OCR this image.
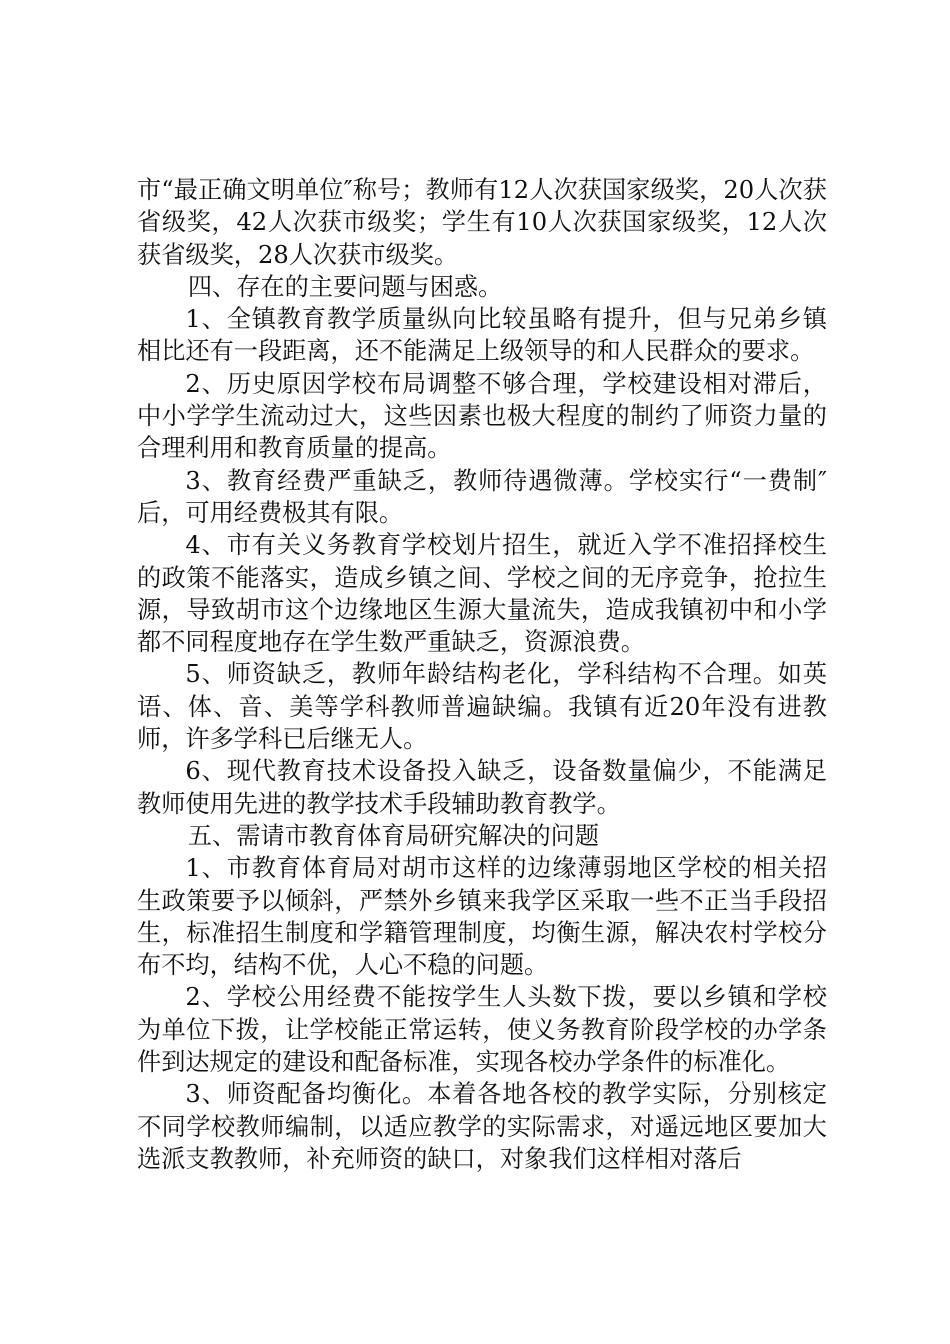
市“最正确文明单位″称号；教师有12人次获国家级奖，20人次获省级奖，42人次获市级奖；学生有10人次获国家级奖，12人次获省级奖，28人次获市级奖。

四、存在的主要问题与困惑。

1、全镇教育教学质量纵向比较虽略有提升，但与兄弟乡镇相比还有一段距离，还不能满足上级领导的和人民群众的要求。

2、历史原因学校布局调整不够合理，学校建设相对滞后，中小学学生流动过大，这些因素也极大程度的制约了师资力量的合理利用和教育质量的提高。

3、教育经费严重缺乏，教师待遇微薄。学校实行“一费制″后，可用经费极其有限。

4、市有关义务教育学校划片招生，就近入学不准招择校生的政策不能落实，造成乡镇之间、学校之间的无序竞争，抢拉生源，导致胡市这个边缘地区生源大量流失，造成我镇初中和小学都不同程度地存在学生数严重缺乏，资源浪费。

5、师资缺乏，教师年龄结构老化，学科结构不合理。如英语、体、音、美等学科教师普遍缺编。我镇有近20年没有进教师，许多学科已后继无人。

6、现代教育技术设备投入缺乏，设备数量偏少，不能满足教师使用先进的教学技术手段辅助教育教学。

五、需请市教育体育局研究解决的问题

1、市教育体育局对胡市这样的边缘薄弱地区学校的相关招生政策要予以倾斜，严禁外乡镇来我学区采取一些不正当手段招生，标准招生制度和学籍管理制度，均衡生源，解决农村学校分布不均，结构不优，人心不稳的问题。

2、学校公用经费不能按学生人头数下拨，要以乡镇和学校为单位下拨，让学校能正常运转，使义务教育阶段学校的办学条件到达规定的建设和配备标准，实现各校办学条件的标准化。

3、师资配备均衡化。本着各地各校的教学实际，分别核定不同学校教师编制，以适应教学的实际需求，对遥远地区要加大选派支教教师，补充师资的缺口，对象我们这样相对落后
